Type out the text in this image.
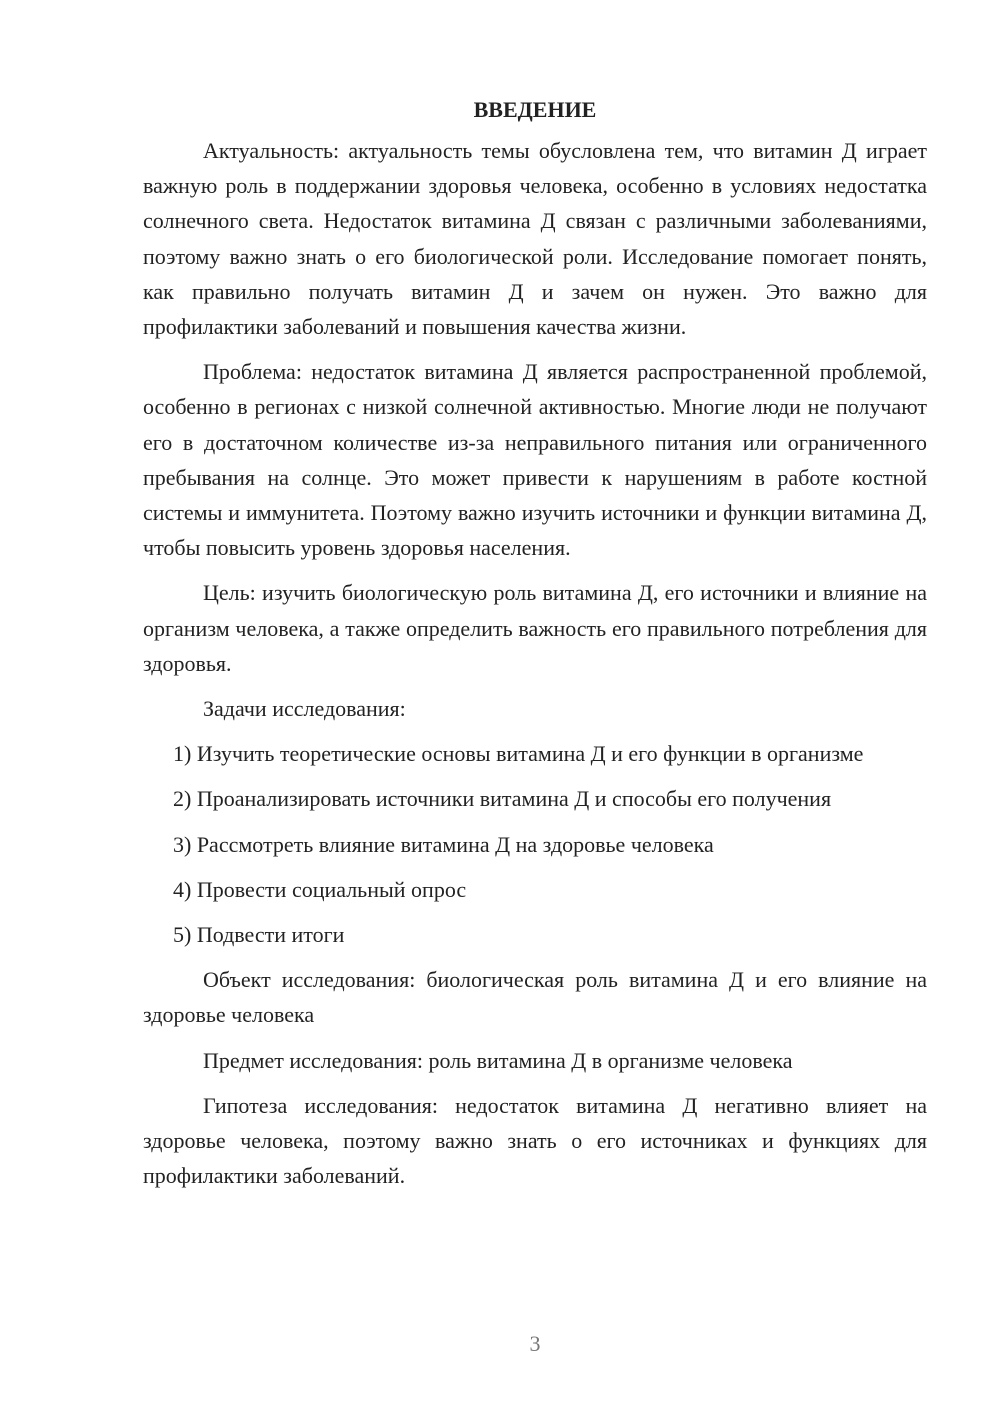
ВВЕДЕНИЕ

Актуальность: актуальность темы обусловлена тем, что витамин Д играет важную роль в поддержании здоровья человека, особенно в условиях недостатка солнечного света. Недостаток витамина Д связан с различными заболеваниями, поэтому важно знать о его биологической роли. Исследование помогает понять, как правильно получать витамин Д и зачем он нужен. Это важно для профилактики заболеваний и повышения качества жизни.

Проблема: недостаток витамина Д является распространенной проблемой, особенно в регионах с низкой солнечной активностью. Многие люди не получают его в достаточном количестве из-за неправильного питания или ограниченного пребывания на солнце. Это может привести к нарушениям в работе костной системы и иммунитета. Поэтому важно изучить источники и функции витамина Д, чтобы повысить уровень здоровья населения.

Цель: изучить биологическую роль витамина Д, его источники и влияние на организм человека, а также определить важность его правильного потребления для здоровья.

Задачи исследования:

1) Изучить теоретические основы витамина Д и его функции в организме

2) Проанализировать источники витамина Д и способы его получения

3) Рассмотреть влияние витамина Д на здоровье человека

4) Провести социальный опрос

5) Подвести итоги

Объект исследования: биологическая роль витамина Д и его влияние на здоровье человека

Предмет исследования: роль витамина Д в организме человека

Гипотеза исследования: недостаток витамина Д негативно влияет на здоровье человека, поэтому важно знать о его источниках и функциях для профилактики заболеваний.

3
